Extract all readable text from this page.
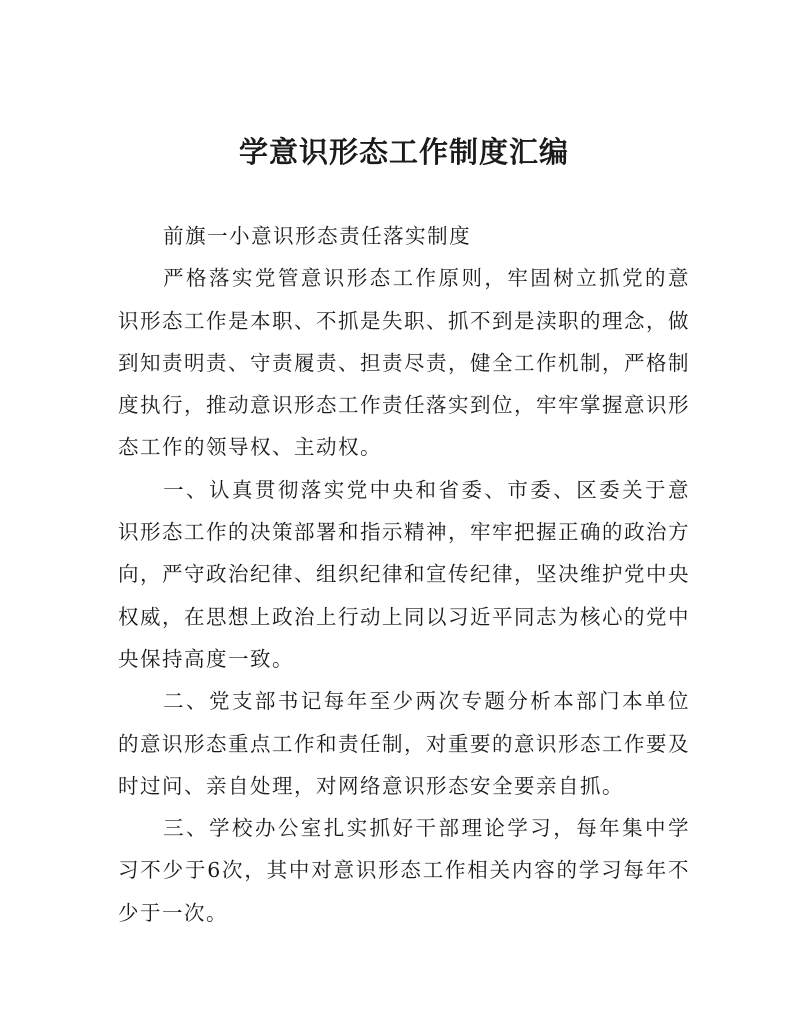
学意识形态工作制度汇编

前旗一小意识形态责任落实制度

严格落实党管意识形态工作原则，牢固树立抓党的意识形态工作是本职、不抓是失职、抓不到是渎职的理念，做到知责明责、守责履责、担责尽责，健全工作机制，严格制度执行，推动意识形态工作责任落实到位，牢牢掌握意识形态工作的领导权、主动权。

一、认真贯彻落实党中央和省委、市委、区委关于意识形态工作的决策部署和指示精神，牢牢把握正确的政治方向，严守政治纪律、组织纪律和宣传纪律，坚决维护党中央权威，在思想上政治上行动上同以习近平同志为核心的党中央保持高度一致。

二、党支部书记每年至少两次专题分析本部门本单位的意识形态重点工作和责任制，对重要的意识形态工作要及时过问、亲自处理，对网络意识形态安全要亲自抓。

三、学校办公室扎实抓好干部理论学习，每年集中学习不少于6次，其中对意识形态工作相关内容的学习每年不少于一次。
